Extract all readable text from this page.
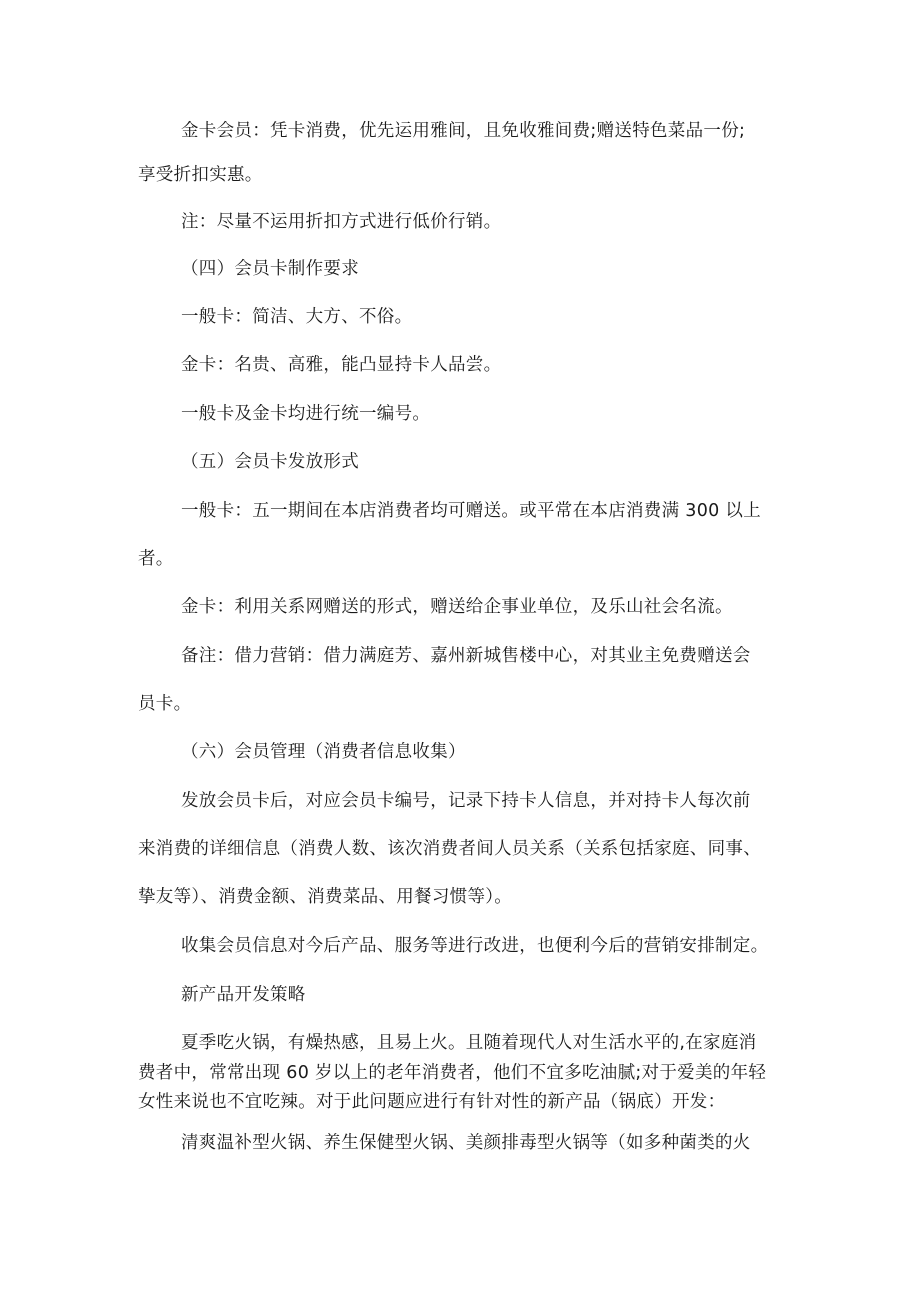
金卡会员：凭卡消费，优先运用雅间，且免收雅间费;赠送特色菜品一份;
享受折扣实惠。
注：尽量不运用折扣方式进行低价行销。
（四）会员卡制作要求
一般卡：简洁、大方、不俗。
金卡：名贵、高雅，能凸显持卡人品尝。
一般卡及金卡均进行统一编号。
（五）会员卡发放形式
一般卡：五一期间在本店消费者均可赠送。或平常在本店消费满 300 以上
者。
金卡：利用关系网赠送的形式，赠送给企事业单位，及乐山社会名流。
备注：借力营销：借力满庭芳、嘉州新城售楼中心，对其业主免费赠送会
员卡。
（六）会员管理（消费者信息收集）
发放会员卡后，对应会员卡编号，记录下持卡人信息，并对持卡人每次前
来消费的详细信息（消费人数、该次消费者间人员关系（关系包括家庭、同事、
挚友等）、消费金额、消费菜品、用餐习惯等）。
收集会员信息对今后产品、服务等进行改进，也便利今后的营销安排制定。
新产品开发策略
夏季吃火锅，有燥热感，且易上火。且随着现代人对生活水平的,在家庭消
费者中，常常出现 60 岁以上的老年消费者，他们不宜多吃油腻;对于爱美的年轻
女性来说也不宜吃辣。对于此问题应进行有针对性的新产品（锅底）开发：
清爽温补型火锅、养生保健型火锅、美颜排毒型火锅等（如多种菌类的火
